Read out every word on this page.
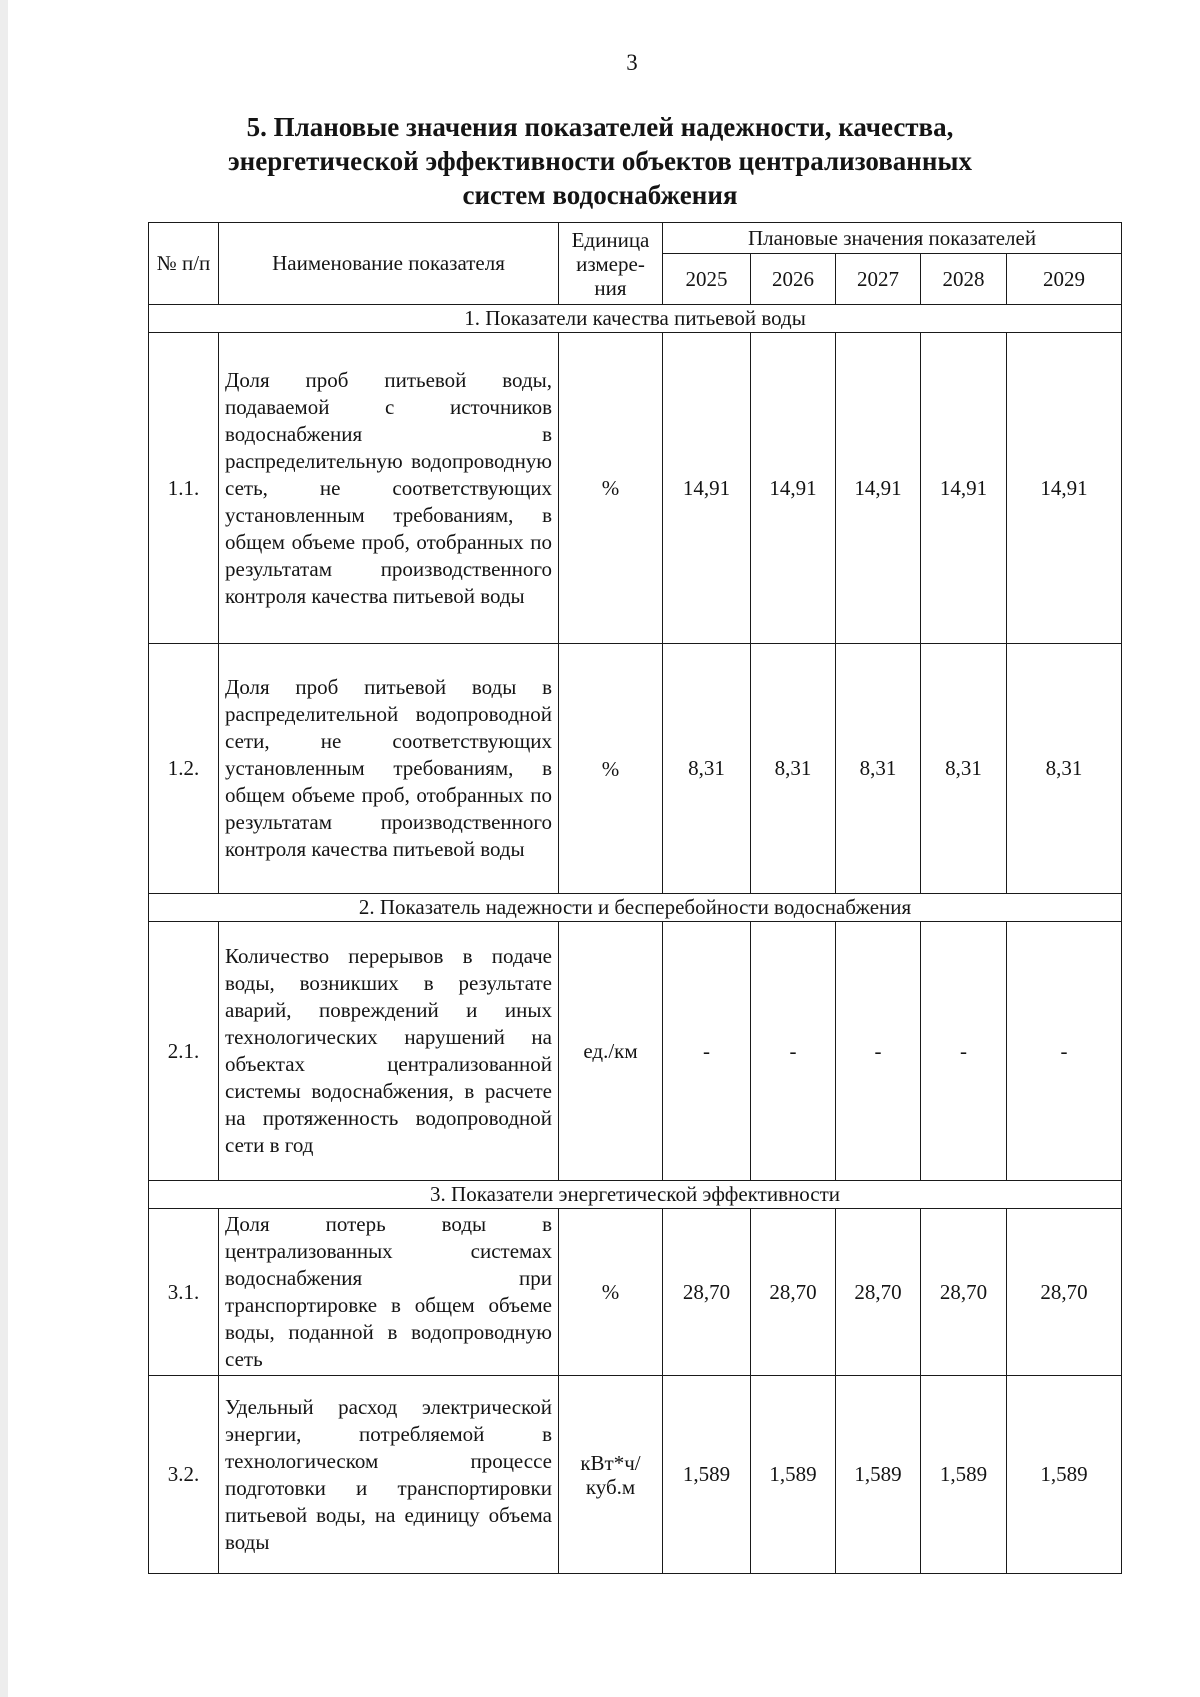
3
5. Плановые значения показателей надежности, качества,
энергетической эффективности объектов централизованных
систем водоснабжения
№ п/п	Наименование показателя	Единица измере-ния	Плановые значения показателей				
			2025	2026	2027	2028	2029
1. Показатели качества питьевой воды							
1.1.	Доля проб питьевой воды, подаваемой с источников водоснабжения в распределительную водопроводную сеть, не соответствующих установленным требованиям, в общем объеме проб, отобранных по результатам производственного контроля качества питьевой воды	%	14,91	14,91	14,91	14,91	14,91
1.2.	Доля проб питьевой воды в распределительной водопроводной сети, не соответствующих установленным требованиям, в общем объеме проб, отобранных по результатам производственного контроля качества питьевой воды	%	8,31	8,31	8,31	8,31	8,31
2. Показатель надежности и бесперебойности водоснабжения							
2.1.	Количество перерывов в подаче воды, возникших в результате аварий, повреждений и иных технологических нарушений на объектах централизованной системы водоснабжения, в расчете на протяженность водопроводной сети в год	ед./км	-	-	-	-	-
3. Показатели энергетической эффективности							
3.1.	Доля потерь воды в централизованных системах водоснабжения при транспортировке в общем объеме воды, поданной в водопроводную сеть	%	28,70	28,70	28,70	28,70	28,70
3.2.	Удельный расход электрической энергии, потребляемой в технологическом процессе подготовки и транспортировки питьевой воды, на единицу объема воды	кВт*ч/ куб.м	1,589	1,589	1,589	1,589	1,589
